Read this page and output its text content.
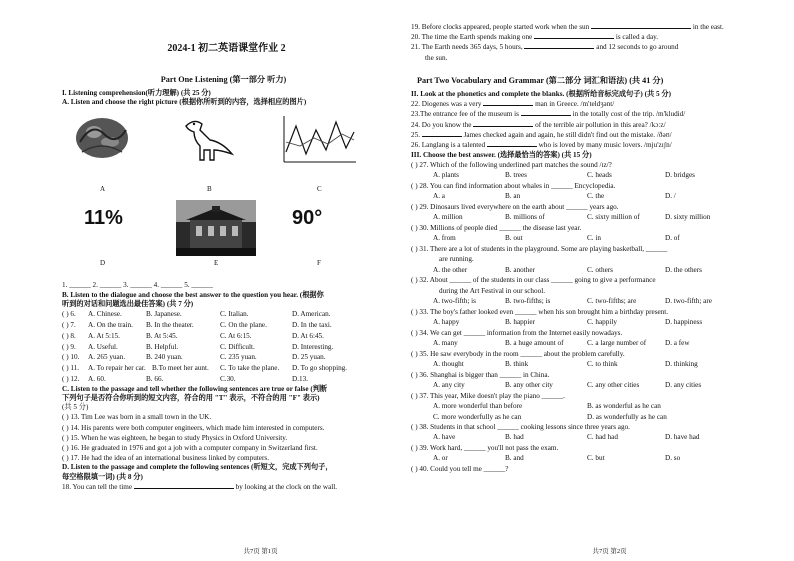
2024-1 初二英语课堂作业 2
Part One Listening (第一部分 听力)
I. Listening comprehension(听力理解) (共 25 分)
A. Listen and choose the right picture (根据你所听到的内容，选择相应的图片)
A	B	C
11%	90°
D	E	F
1. ______ 2. ______ 3. ______ 4. ______ 5. ______
B. Listen to the dialogue and choose the best answer to the question you hear. (根据你
听到的对话和问题选出最佳答案) (共 7 分)
( ) 6.	A. Chinese.	B. Japanese.	C. Italian.	D. American.
( ) 7.	A. On the train.	B. In the theater.	C. On the plane.	D. In the taxi.
( ) 8.	A. At 5:15.	B. At 5:45.	C. At 6:15.	D. At 6:45.
( ) 9.	A. Useful.	B. Helpful.	C. Difficult.	D. Interesting.
( ) 10.	A. 265 yuan.	B. 240 yuan.	C. 235 yuan.	D. 25 yuan.
( ) 11.	A. To repair her car. B.To meet her aunt.	C. To take the plane.	D. To go shopping.
( ) 12.	A. 60.	B. 66.	C.30.	D.13.
C. Listen to the passage and tell whether the following sentences are true or false (判断
下列句子是否符合你听到的短文内容，符合的用 "T" 表示，不符合的用 "F" 表示)
(共 5 分)
( ) 13. Tim Lee was born in a small town in the UK.
( ) 14. His parents were both computer engineers, which made him interested in computers.
( ) 15. When he was eighteen, he began to study Physics in Oxford University.
( ) 16. He graduated in 1976 and got a job with a computer company in Switzerland first.
( ) 17. He had the idea of an international business linked by computers.
D. Listen to the passage and complete the following sentences (听短文，完成下列句子，
每空格限填一词) (共 8 分)
18. You can tell the time	by looking at the clock on the wall.
共7页 第1页
19. Before clocks appeared, people started work when the sun	in the east.
20. The time the Earth spends making one	is called a day.
21. The Earth needs 365 days, 5 hours,	and 12 seconds to go around
the sun.
Part Two Vocabulary and Grammar (第二部分 词汇和语法) (共 41 分)
II. Look at the phonetics and complete the blanks. (根据所给音标完成句子) (共 5 分)
22. Diogenes was a very	man in Greece. /m'teldʒənt/
23.The entrance fee of the museum is	in the totally cost of the trip. /m'kludid/
24. Do you know the	of the terrible air pollution in this area? /kɔːz/
25.	James checked again and again, he still didn't find out the mistake. /ðəʊ/
26. Langlang is a talented	who is loved by many music lovers. /mju'zɪʃn/
III. Choose the best answer. (选择最恰当的答案) (共 15 分)
( ) 27. Which of the following underlined part matches the sound /ɪz/?
A. plants	B. trees	C. heads	D. bridges
( ) 28. You can find information about whales in ______ Encyclopedia.
A. a	B. an	C. the	D. /
( ) 29. Dinosaurs lived everywhere on the earth about ______ years ago.
A. million	B. millions of	C. sixty million of	D. sixty million
( ) 30. Millions of people died ______ the disease last year.
A. from	B. out	C. in	D. of
( ) 31. There are a lot of students in the playground. Some are playing basketball, ______
are running.
A. the other	B. another	C. others	D. the others
( ) 32. About ______ of the students in our class ______ going to give a performance
during the Art Festival in our school.
A. two-fifth; is	B. two-fifths; is	C. two-fifths; are	D. two-fifth; are
( ) 33. The boy's father looked even ______ when his son brought him a birthday present.
A. happy	B. happier	C. happily	D. happiness
( ) 34. We can get ______ information from the Internet easily nowadays.
A. many	B. a huge amount of	C. a large number of	D. a few
( ) 35. He saw everybody in the room ______ about the problem carefully.
A. thought	B. think	C. to think	D. thinking
( ) 36. Shanghai is bigger than ______ in China.
A. any city	B. any other city	C. any other cities	D. any cities
( ) 37. This year, Mike doesn't play the piano ______.
A. more wonderful than before	B. as wonderful as he can
C. more wonderfully as he can	D. as wonderfully as he can
( ) 38. Students in that school ______ cooking lessons since three years ago.
A. have	B. had	C. had had	D. have had
( ) 39. Work hard, ______ you'll not pass the exam.
A. or	B. and	C. but	D. so
( ) 40. Could you tell me ______?
共7页 第2页
